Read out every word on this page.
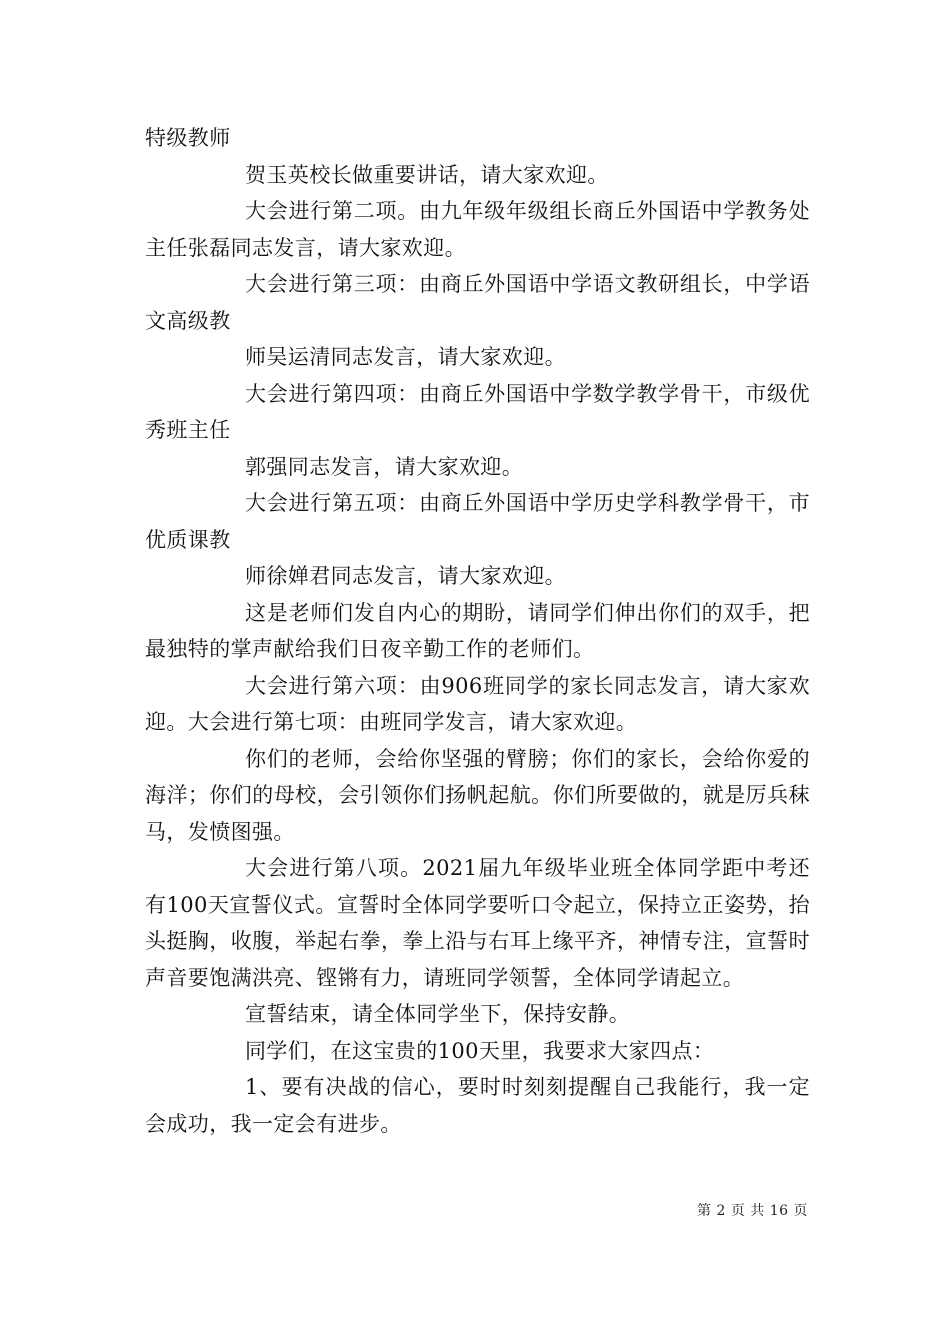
特级教师

贺玉英校长做重要讲话，请大家欢迎。

大会进行第二项。由九年级年级组长商丘外国语中学教务处主任张磊同志发言，请大家欢迎。

大会进行第三项：由商丘外国语中学语文教研组长，中学语文高级教

师吴运清同志发言，请大家欢迎。

大会进行第四项：由商丘外国语中学数学教学骨干，市级优秀班主任

郭强同志发言，请大家欢迎。

大会进行第五项：由商丘外国语中学历史学科教学骨干，市优质课教

师徐婵君同志发言，请大家欢迎。

这是老师们发自内心的期盼，请同学们伸出你们的双手，把最独特的掌声献给我们日夜辛勤工作的老师们。

大会进行第六项：由906班同学的家长同志发言，请大家欢迎。大会进行第七项：由班同学发言，请大家欢迎。

你们的老师，会给你坚强的臂膀；你们的家长，会给你爱的海洋；你们的母校，会引领你们扬帆起航。你们所要做的，就是厉兵秣马，发愤图强。

大会进行第八项。2021届九年级毕业班全体同学距中考还有100天宣誓仪式。宣誓时全体同学要听口令起立，保持立正姿势，抬头挺胸，收腹，举起右拳，拳上沿与右耳上缘平齐，神情专注，宣誓时声音要饱满洪亮、铿锵有力，请班同学领誓，全体同学请起立。

宣誓结束，请全体同学坐下，保持安静。

同学们，在这宝贵的100天里，我要求大家四点：

1、要有决战的信心，要时时刻刻提醒自己我能行，我一定会成功，我一定会有进步。

第 2 页 共 16 页
